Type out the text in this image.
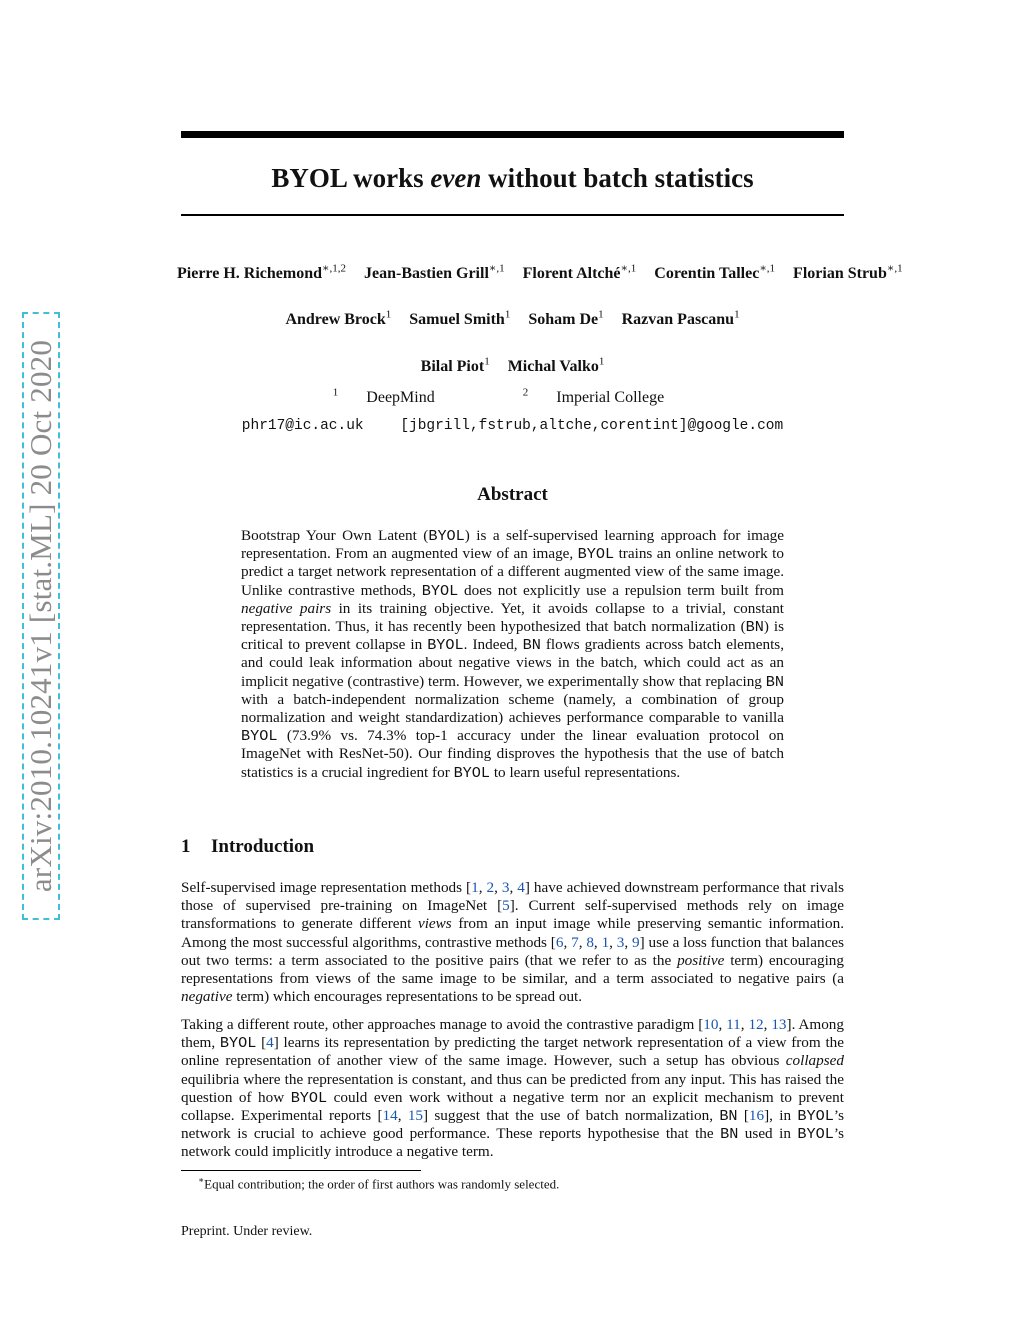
arXiv:2010.10241v1 [stat.ML] 20 Oct 2020
BYOL works even without batch statistics
Pierre H. Richemond$^{∗,1,2}$ Jean-Bastien Grill$^{∗,1}$ Florent Altché$^{∗,1}$ Corentin Tallec$^{∗,1}$ Florian Strub$^{∗,1}$
Andrew Brock$^1$ Samuel Smith$^1$ Soham De$^1$ Razvan Pascanu$^1$
Bilal Piot$^1$ Michal Valko$^1$
$^1$ DeepMind	$^2$ Imperial College
phr17@ic.ac.uk	[jbgrill,fstrub,altche,corentint]@google.com
Abstract

Bootstrap Your Own Latent (BYOL) is a self-supervised learning approach for image representation. From an augmented view of an image, BYOL trains an online network to predict a target network representation of a different augmented view of the same image. Unlike contrastive methods, BYOL does not explicitly use a repulsion term built from negative pairs in its training objective. Yet, it avoids collapse to a trivial, constant representation. Thus, it has recently been hypothesized that batch normalization (BN) is critical to prevent collapse in BYOL. Indeed, BN flows gradients across batch elements, and could leak information about negative views in the batch, which could act as an implicit negative (contrastive) term. However, we experimentally show that replacing BN with a batch-independent normalization scheme (namely, a combination of group normalization and weight standardization) achieves performance comparable to vanilla BYOL (73.9% vs. 74.3% top-1 accuracy under the linear evaluation protocol on ImageNet with ResNet-50). Our finding disproves the hypothesis that the use of batch statistics is a crucial ingredient for BYOL to learn useful representations.

1 Introduction

Self-supervised image representation methods [1, 2, 3, 4] have achieved downstream performance that rivals those of supervised pre-training on ImageNet [5]. Current self-supervised methods rely on image transformations to generate different views from an input image while preserving semantic information. Among the most successful algorithms, contrastive methods [6, 7, 8, 1, 3, 9] use a loss function that balances out two terms: a term associated to the positive pairs (that we refer to as the positive term) encouraging representations from views of the same image to be similar, and a term associated to negative pairs (a negative term) which encourages representations to be spread out.

Taking a different route, other approaches manage to avoid the contrastive paradigm [10, 11, 12, 13]. Among them, BYOL [4] learns its representation by predicting the target network representation of a view from the online representation of another view of the same image. However, such a setup has obvious collapsed equilibria where the representation is constant, and thus can be predicted from any input. This has raised the question of how BYOL could even work without a negative term nor an explicit mechanism to prevent collapse. Experimental reports [14, 15] suggest that the use of batch normalization, BN [16], in BYOL’s network is crucial to achieve good performance. These reports hypothesise that the BN used in BYOL’s network could implicitly introduce a negative term.

∗Equal contribution; the order of first authors was randomly selected.
Preprint. Under review.
